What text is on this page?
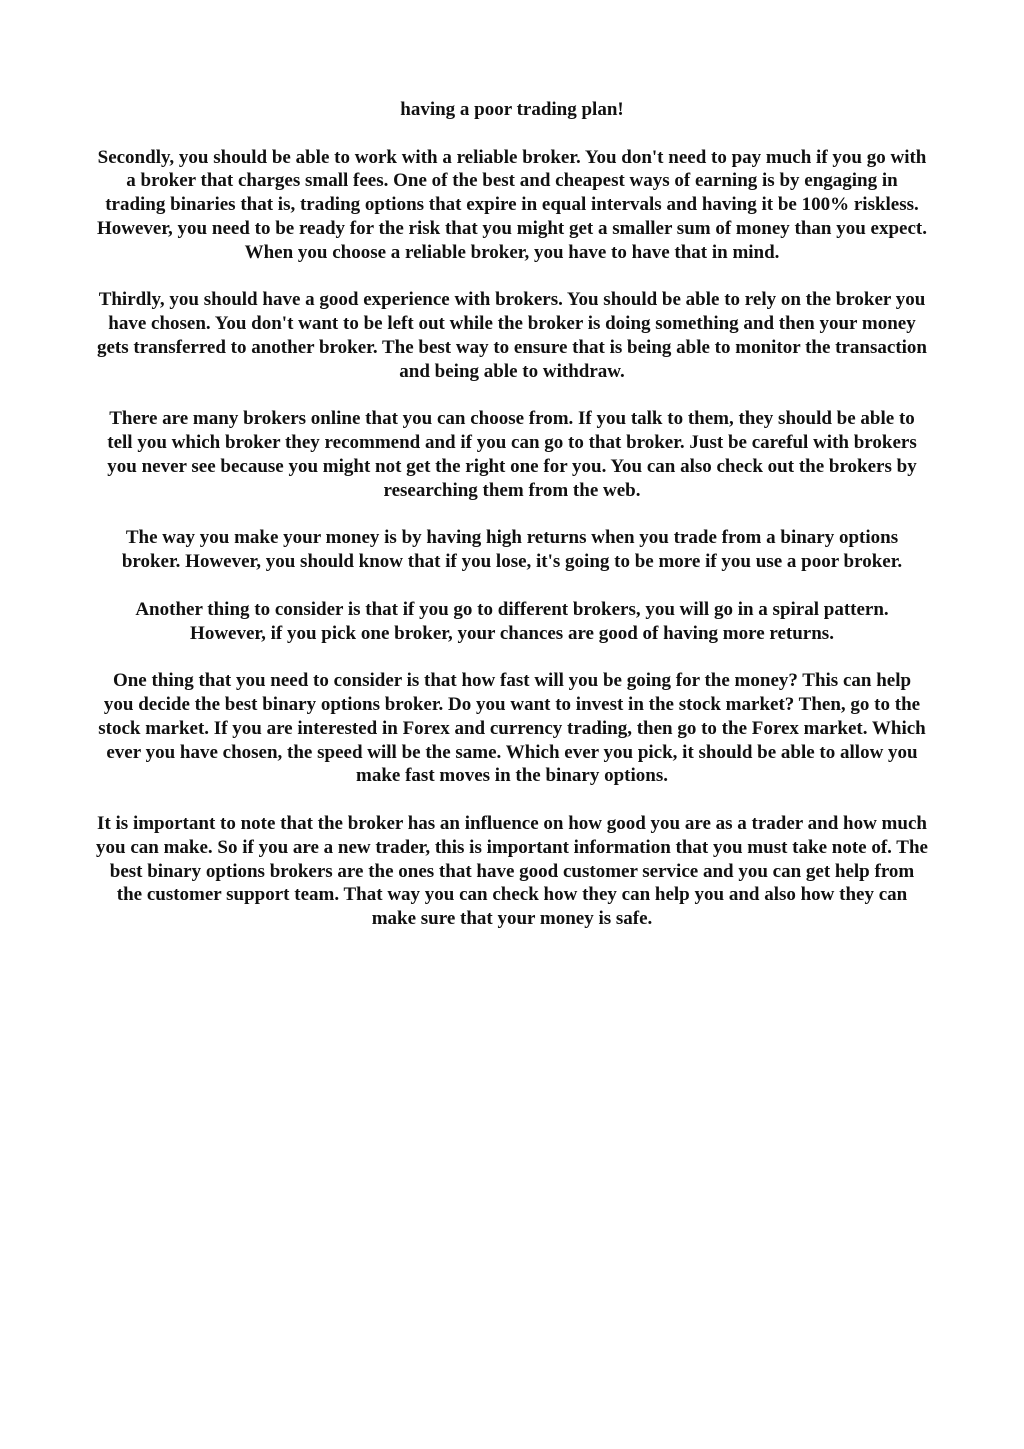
having a poor trading plan!

Secondly, you should be able to work with a reliable broker. You don't need to pay much if you go with a broker that charges small fees. One of the best and cheapest ways of earning is by engaging in trading binaries that is, trading options that expire in equal intervals and having it be 100% riskless. However, you need to be ready for the risk that you might get a smaller sum of money than you expect. When you choose a reliable broker, you have to have that in mind.

Thirdly, you should have a good experience with brokers. You should be able to rely on the broker you have chosen. You don't want to be left out while the broker is doing something and then your money gets transferred to another broker. The best way to ensure that is being able to monitor the transaction and being able to withdraw.

There are many brokers online that you can choose from. If you talk to them, they should be able to tell you which broker they recommend and if you can go to that broker. Just be careful with brokers you never see because you might not get the right one for you. You can also check out the brokers by researching them from the web.

The way you make your money is by having high returns when you trade from a binary options broker. However, you should know that if you lose, it's going to be more if you use a poor broker.

Another thing to consider is that if you go to different brokers, you will go in a spiral pattern. However, if you pick one broker, your chances are good of having more returns.

One thing that you need to consider is that how fast will you be going for the money? This can help you decide the best binary options broker. Do you want to invest in the stock market? Then, go to the stock market. If you are interested in Forex and currency trading, then go to the Forex market. Which ever you have chosen, the speed will be the same. Which ever you pick, it should be able to allow you make fast moves in the binary options.

It is important to note that the broker has an influence on how good you are as a trader and how much you can make. So if you are a new trader, this is important information that you must take note of. The best binary options brokers are the ones that have good customer service and you can get help from the customer support team. That way you can check how they can help you and also how they can make sure that your money is safe.
